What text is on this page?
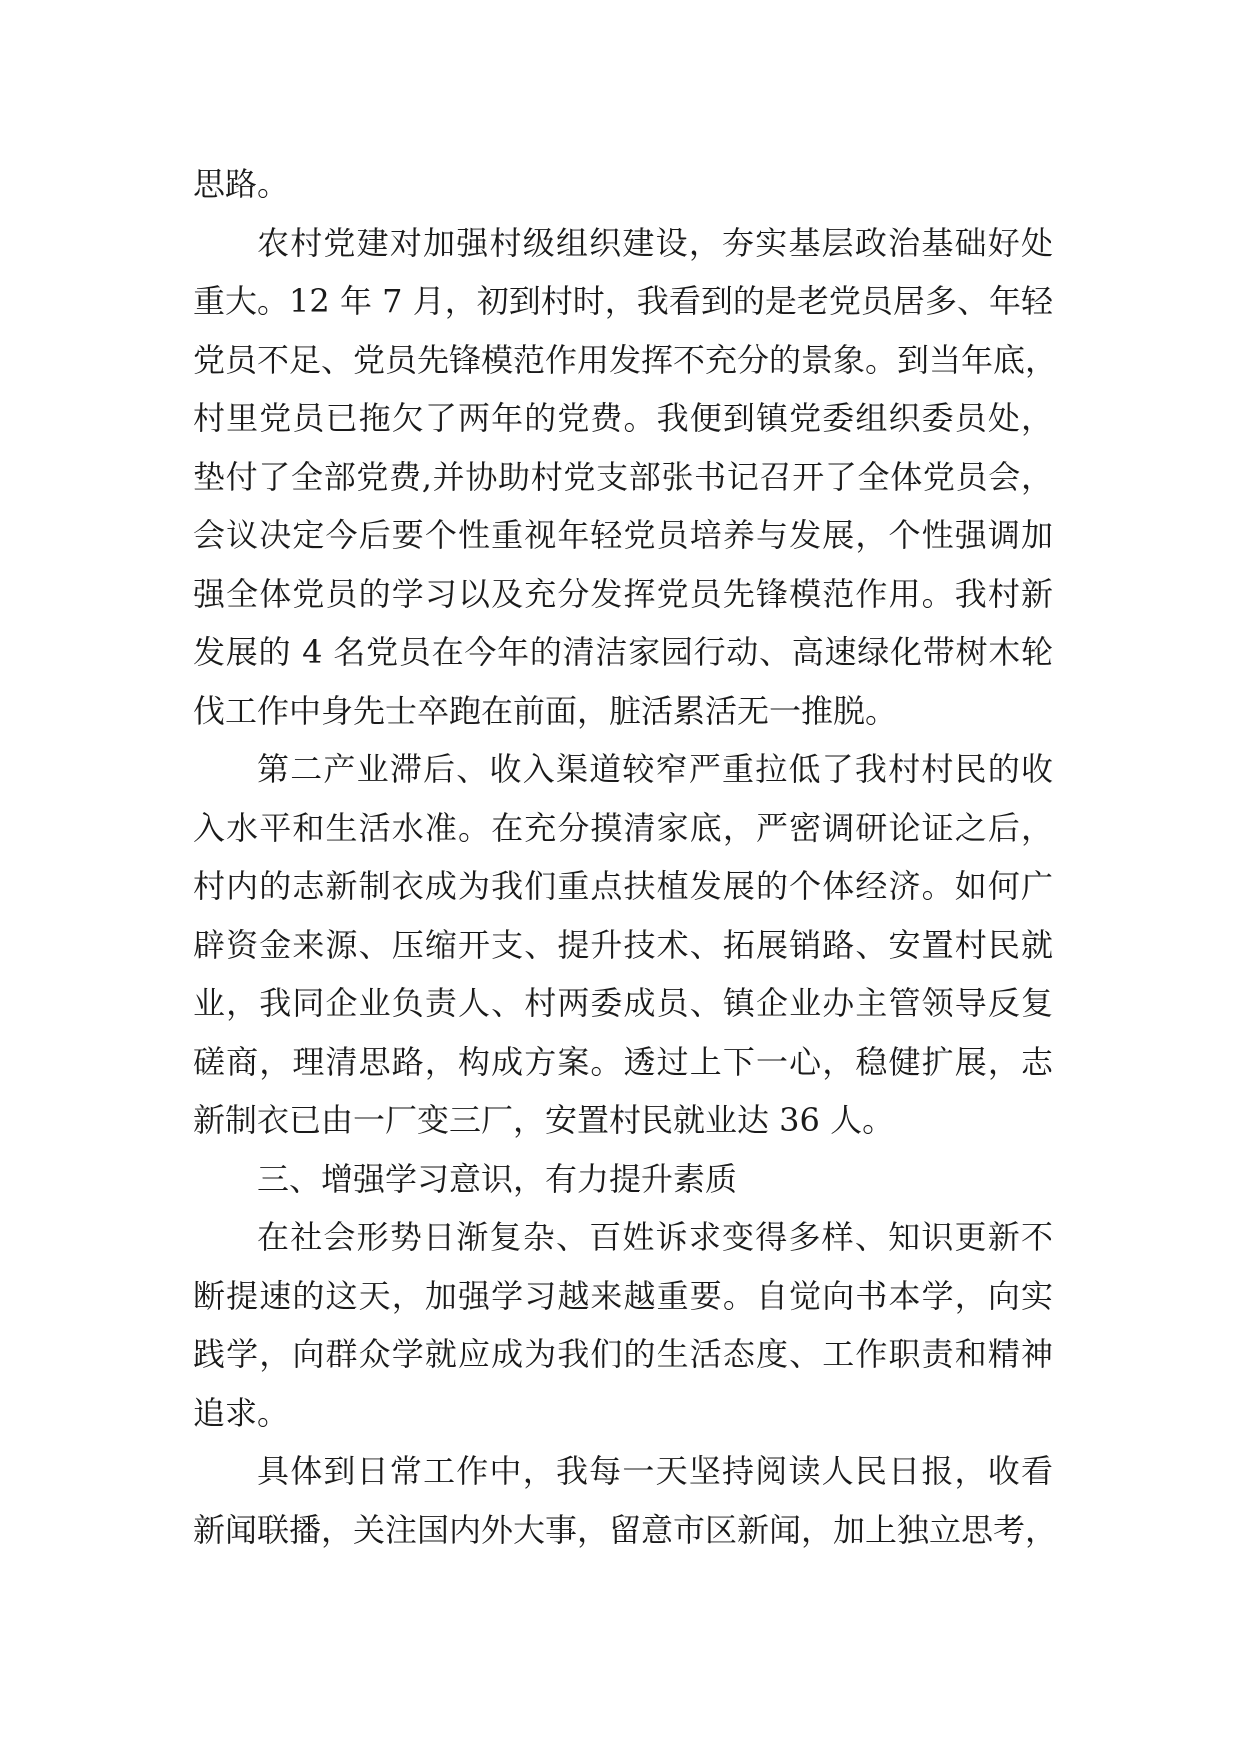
思路。
农村党建对加强村级组织建设，夯实基层政治基础好处
重大。12 年 7 月，初到村时，我看到的是老党员居多、年轻
党员不足、党员先锋模范作用发挥不充分的景象。到当年底，
村里党员已拖欠了两年的党费。我便到镇党委组织委员处，
垫付了全部党费,并协助村党支部张书记召开了全体党员会，
会议决定今后要个性重视年轻党员培养与发展，个性强调加
强全体党员的学习以及充分发挥党员先锋模范作用。我村新
发展的 4 名党员在今年的清洁家园行动、高速绿化带树木轮
伐工作中身先士卒跑在前面，脏活累活无一推脱。
第二产业滞后、收入渠道较窄严重拉低了我村村民的收
入水平和生活水准。在充分摸清家底，严密调研论证之后，
村内的志新制衣成为我们重点扶植发展的个体经济。如何广
辟资金来源、压缩开支、提升技术、拓展销路、安置村民就
业，我同企业负责人、村两委成员、镇企业办主管领导反复
磋商，理清思路，构成方案。透过上下一心，稳健扩展，志
新制衣已由一厂变三厂，安置村民就业达 36 人。
三、增强学习意识，有力提升素质
在社会形势日渐复杂、百姓诉求变得多样、知识更新不
断提速的这天，加强学习越来越重要。自觉向书本学，向实
践学，向群众学就应成为我们的生活态度、工作职责和精神
追求。
具体到日常工作中，我每一天坚持阅读人民日报，收看
新闻联播，关注国内外大事，留意市区新闻，加上独立思考，
